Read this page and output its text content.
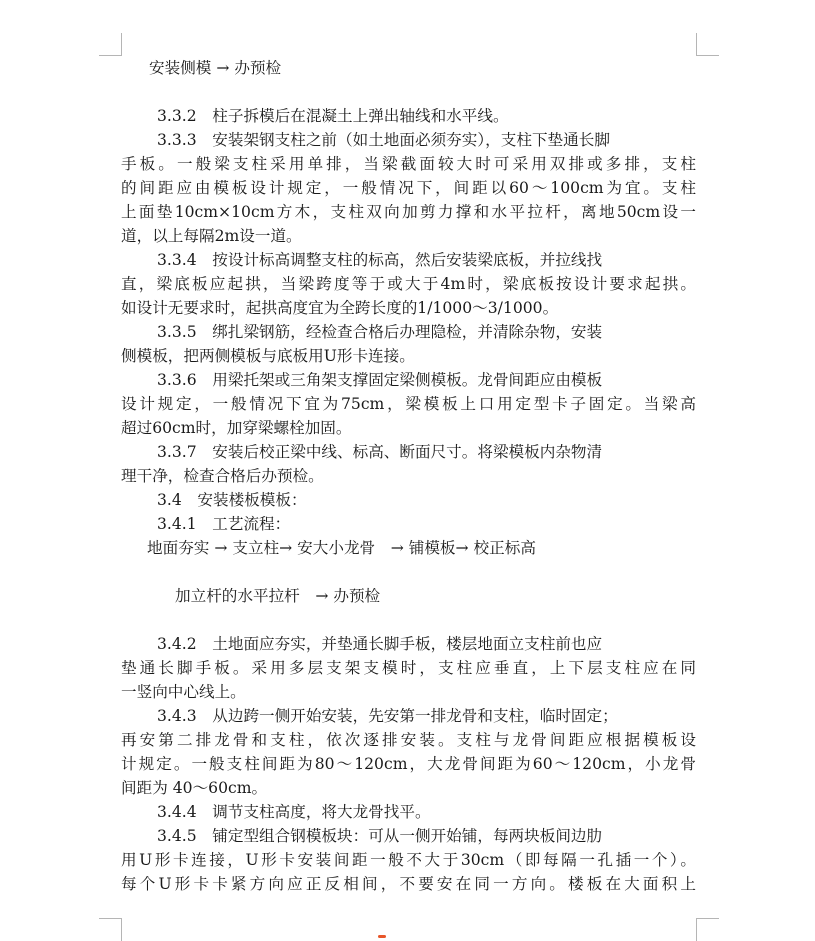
安装侧模 → 办预检
3.3.2　柱子拆模后在混凝土上弹出轴线和水平线。
3.3.3　安装架钢支柱之前（如土地面必须夯实），支柱下垫通长脚
手板。一般梁支柱采用单排，当梁截面较大时可采用双排或多排，支柱
的间距应由模板设计规定，一般情况下，间距以60～100cm为宜。支柱
上面垫10cm×10cm方木，支柱双向加剪力撑和水平拉杆，离地50cm设一
道，以上每隔2m设一道。
3.3.4　按设计标高调整支柱的标高，然后安装梁底板，并拉线找
直，梁底板应起拱，当梁跨度等于或大于4m时，梁底板按设计要求起拱。
如设计无要求时，起拱高度宜为全跨长度的1/1000～3/1000。
3.3.5　绑扎梁钢筋，经检查合格后办理隐检，并清除杂物，安装
侧模板，把两侧模板与底板用U形卡连接。
3.3.6　用梁托架或三角架支撑固定梁侧模板。龙骨间距应由模板
设计规定，一般情况下宜为75cm，梁模板上口用定型卡子固定。当梁高
超过60cm时，加穿梁螺栓加固。
3.3.7　安装后校正梁中线、标高、断面尺寸。将梁模板内杂物清
理干净，检查合格后办预检。
3.4　安装楼板模板：
3.4.1　工艺流程：
地面夯实 → 支立柱→ 安大小龙骨　→ 铺模板→ 校正标高
加立杆的水平拉杆　→ 办预检
3.4.2　土地面应夯实，并垫通长脚手板，楼层地面立支柱前也应
垫通长脚手板。采用多层支架支模时，支柱应垂直，上下层支柱应在同
一竖向中心线上。
3.4.3　从边跨一侧开始安装，先安第一排龙骨和支柱，临时固定；
再安第二排龙骨和支柱，依次逐排安装。支柱与龙骨间距应根据模板设
计规定。一般支柱间距为80～120cm，大龙骨间距为60～120cm，小龙骨
间距为 40～60cm。
3.4.4　调节支柱高度，将大龙骨找平。
3.4.5　铺定型组合钢模板块：可从一侧开始铺，每两块板间边肋
用U形卡连接，U形卡安装间距一般不大于30cm（即每隔一孔插一个）。
每个U形卡卡紧方向应正反相间，不要安在同一方向。楼板在大面积上
